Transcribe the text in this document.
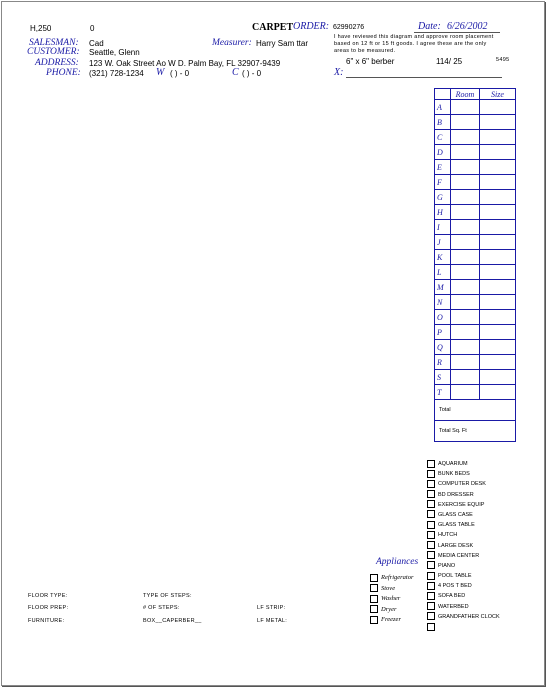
H,250	0	CARPET ORDER: 62990276	Date: 6/26/2002
SALESMAN: Cad	Measurer: Harry Sam ttar
CUSTOMER: Seattle, Glenn
ADDRESS: 123 W. Oak Street Ao W D. Palm Bay, FL 32907-9439
PHONE: (321) 728-1234 W ( ) - 0	C ( ) - 0
I have reviewed this diagram and approve room placement
based on 12 ft or 15 ft goods. I agree these are the only
areas to be measured.
6" x 6" berber	114/ 25	5495
X:
	Room	Size
A		
B		
C		
D		
E		
F		
G		
H		
I		
J		
K		
L		
M		
N		
O		
P		
Q		
R		
S		
T		
Total		
Total Sq. Ft		
AQUARIUM
BUNK BEDS
COMPUTER DESK
BD DRESSER
EXERCISE EQUIP
GLASS CASE
GLASS TABLE
HUTCH
LARGE DESK
MEDIA CENTER
PIANO
POOL TABLE
4 POS T BED
SOFA BED
WATERBED
GRANDFATHER CLOCK
Appliances
Refrigerator
Stove
Washer
Dryer
Freezer
FLOOR TYPE:
FLOOR PREP:
FURNITURE:
TYPE OF STEPS:
# OF STEPS:
BOX__CAPERBER__
LF STRIP:
LF METAL:
